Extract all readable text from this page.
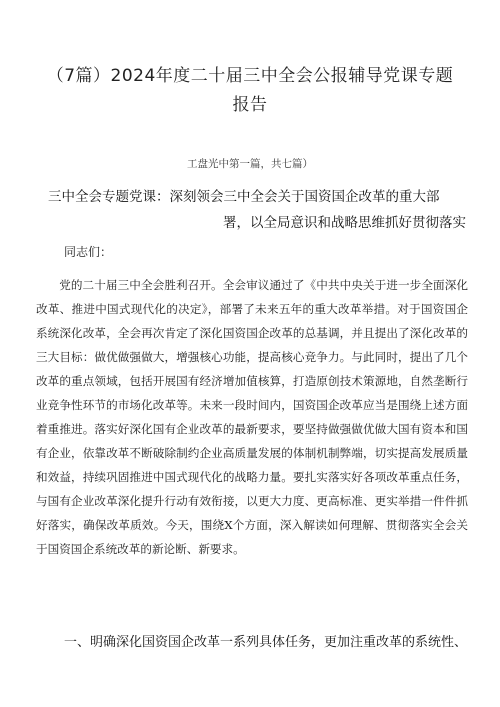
（7篇）2024年度二十届三中全会公报辅导党课专题报告
工盘光中第一篇，共七篇）
三中全会专题党课：深刻领会三中全会关于国资国企改革的重大部
署，以全局意识和战略思维抓好贯彻落实
同志们：

党的二十届三中全会胜利召开。全会审议通过了《中共中央关于进一步全面深化改革、推进中国式现代化的决定》，部署了未来五年的重大改革举措。对于国资国企系统深化改革，全会再次肯定了深化国资国企改革的总基调，并且提出了深化改革的三大目标：做优做强做大，增强核心功能，提高核心竞争力。与此同时，提出了几个改革的重点领域，包括开展国有经济增加值核算，打造原创技术策源地，自然垄断行业竞争性环节的市场化改革等。未来一段时间内，国资国企改革应当是围绕上述方面着重推进。落实好深化国有企业改革的最新要求，要坚持做强做优做大国有资本和国有企业，依靠改革不断破除制约企业高质量发展的体制机制弊端，切实提高发展质量和效益，持续巩固推进中国式现代化的战略力量。要扎实落实好各项改革重点任务，与国有企业改革深化提升行动有效衔接，以更大力度、更高标准、更实举措一件件抓好落实，确保改革质效。今天，围绕X个方面，深入解读如何理解、贯彻落实全会关于国资国企系统改革的新论断、新要求。

一、明确深化国资国企改革一系列具体任务，更加注重改革的系统性、
